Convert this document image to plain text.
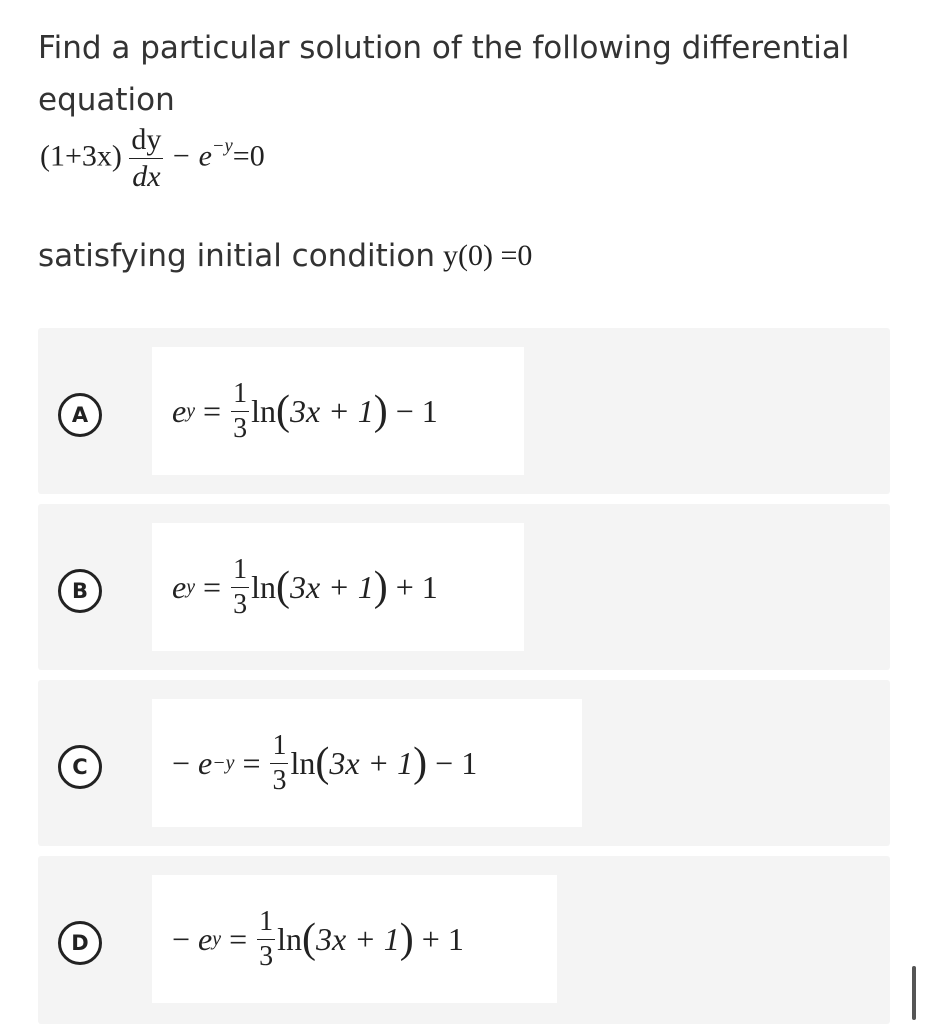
Find a particular solution of the following differential equation
$(1+3x) \frac{dy}{dx} - e^{-y}=0$
satisfying initial condition y(0) =0
A	e $y = \frac{1}{3}$ ln ( 3x + 1 )
− 1
B	e $y = \frac{1}{3}$ ln ( 3x + 1 )
+ 1
C	−
$e -y = \frac{1}{3}$ ln ( 3x + 1 )
− 1
D	−
e $y = \frac{1}{3}$ ln ( 3x + 1 )
+ 1
